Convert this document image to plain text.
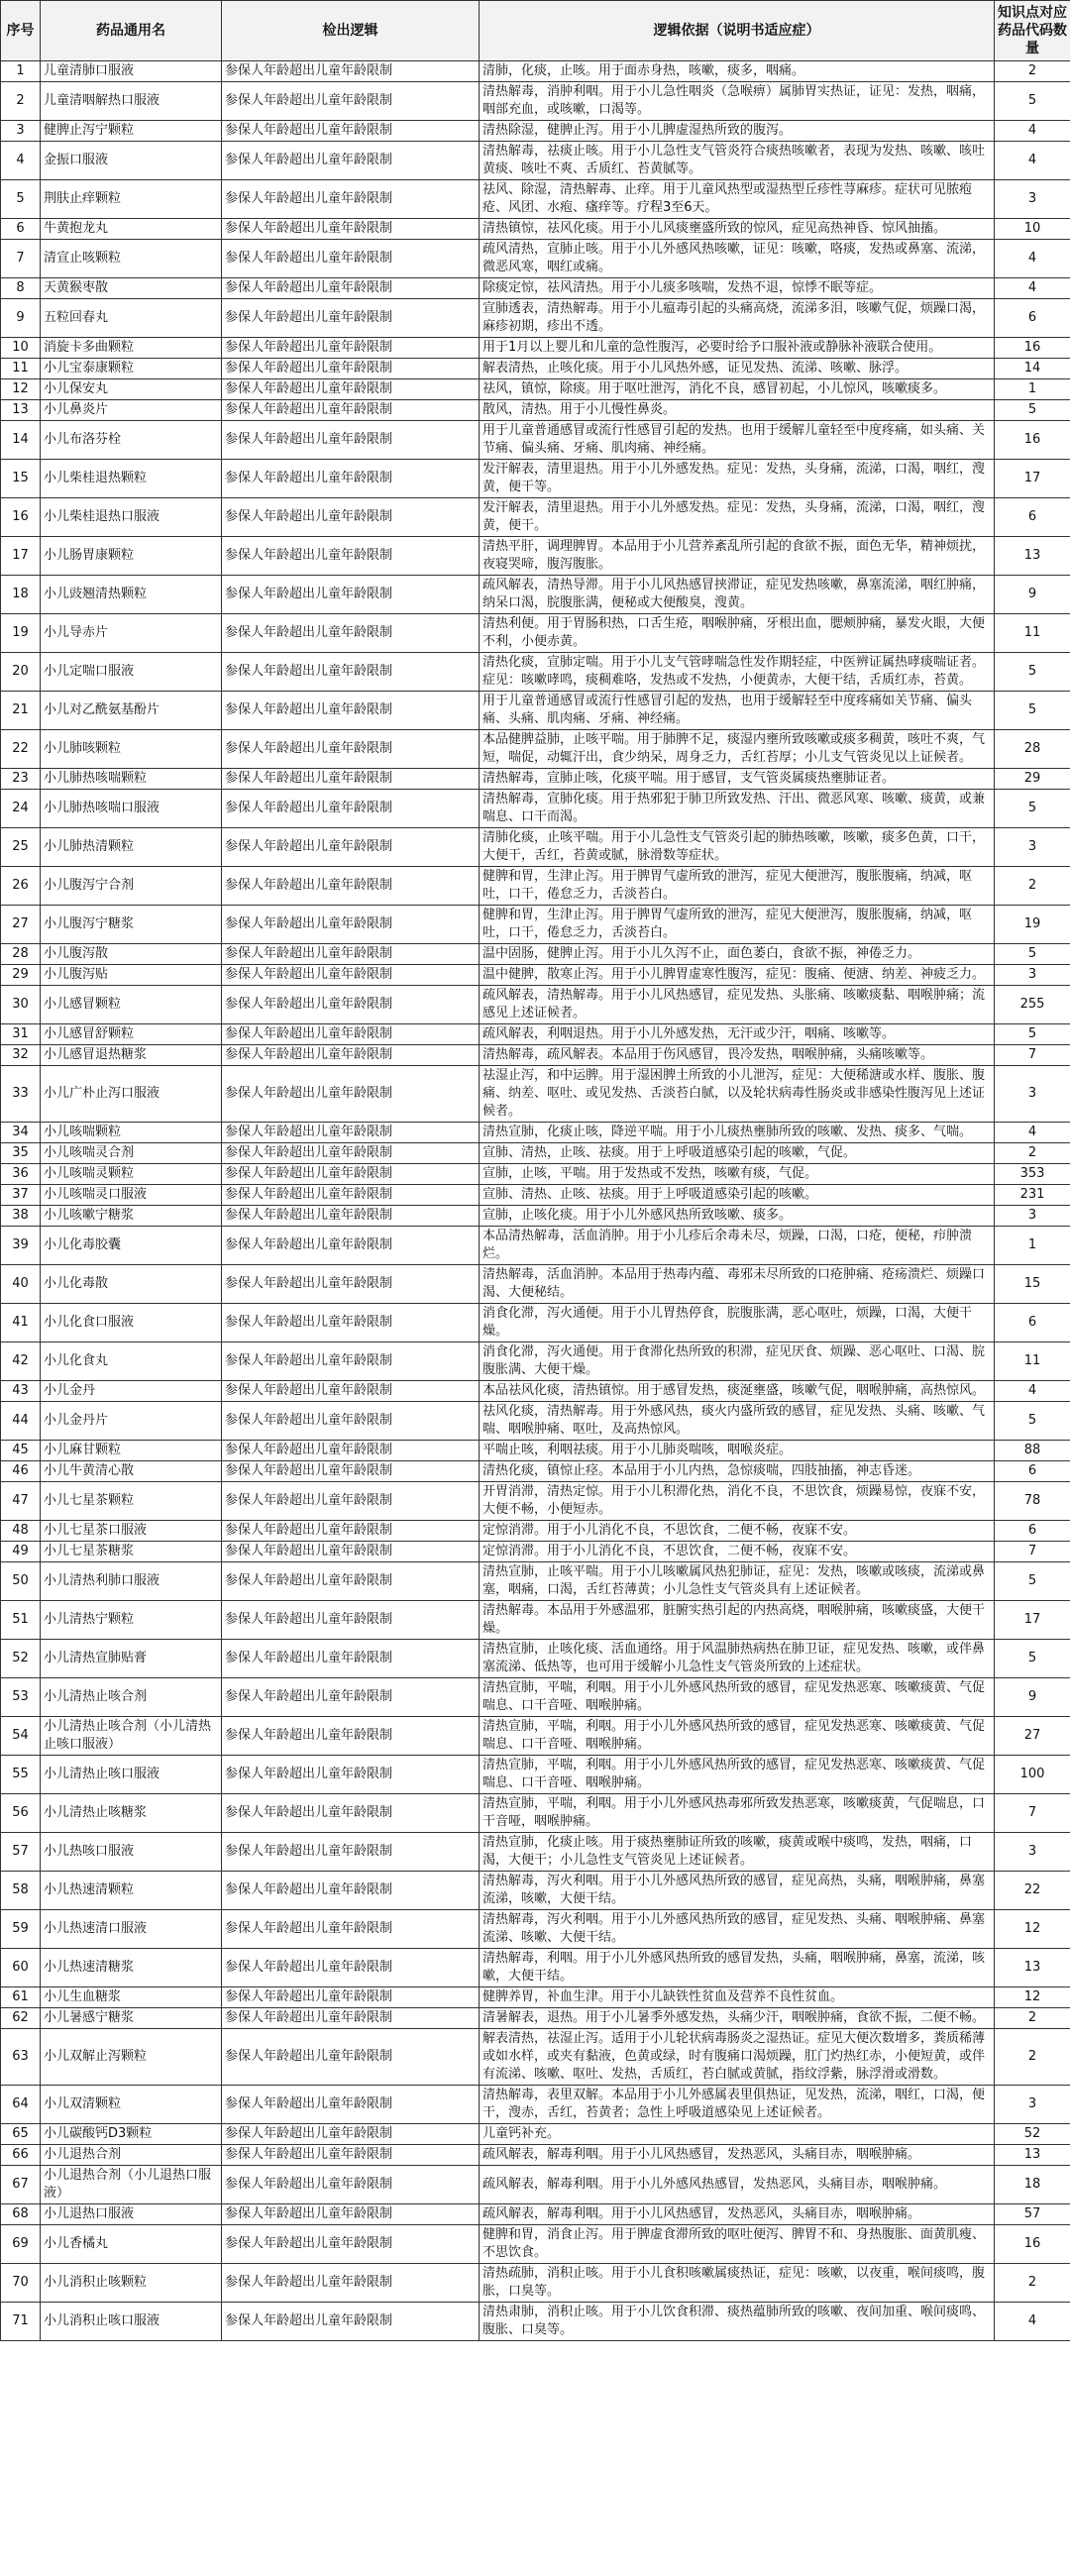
序号	药品通用名	检出逻辑	逻辑依据（说明书适应症）	知识点对应药品代码数量
1	儿童清肺口服液	参保人年龄超出儿童年龄限制	清肺，化痰，止咳。用于面赤身热，咳嗽，痰多，咽痛。	2
2	儿童清咽解热口服液	参保人年龄超出儿童年龄限制	清热解毒，消肿利咽。用于小儿急性咽炎（急喉痹）属肺胃实热证，证见：发热，咽痛，咽部充血，或咳嗽，口渴等。	5
3	健脾止泻宁颗粒	参保人年龄超出儿童年龄限制	清热除湿，健脾止泻。用于小儿脾虚湿热所致的腹泻。	4
4	金振口服液	参保人年龄超出儿童年龄限制	清热解毒，祛痰止咳。用于小儿急性支气管炎符合痰热咳嗽者，表现为发热、咳嗽、咳吐黄痰、咳吐不爽、舌质红、苔黄腻等。	4
5	荆肤止痒颗粒	参保人年龄超出儿童年龄限制	祛风、除湿，清热解毒、止痒。用于儿童风热型或湿热型丘疹性荨麻疹。症状可见脓疱疮、风团、水疱、瘙痒等。疗程3至6天。	3
6	牛黄抱龙丸	参保人年龄超出儿童年龄限制	清热镇惊，祛风化痰。用于小儿风痰壅盛所致的惊风，症见高热神昏、惊风抽搐。	10
7	清宣止咳颗粒	参保人年龄超出儿童年龄限制	疏风清热，宣肺止咳。用于小儿外感风热咳嗽，证见：咳嗽，咯痰，发热或鼻塞、流涕，微恶风寒，咽红或痛。	4
8	天黄猴枣散	参保人年龄超出儿童年龄限制	除痰定惊，祛风清热。用于小儿痰多咳喘，发热不退，惊悸不眠等症。	4
9	五粒回春丸	参保人年龄超出儿童年龄限制	宣肺透表，清热解毒。用于小儿瘟毒引起的头痛高烧，流涕多泪，咳嗽气促，烦躁口渴，麻疹初期，疹出不透。	6
10	消旋卡多曲颗粒	参保人年龄超出儿童年龄限制	用于1月以上婴儿和儿童的急性腹泻，必要时给予口服补液或静脉补液联合使用。	16
11	小儿宝泰康颗粒	参保人年龄超出儿童年龄限制	解表清热，止咳化痰。用于小儿风热外感，证见发热、流涕、咳嗽、脉浮。	14
12	小儿保安丸	参保人年龄超出儿童年龄限制	祛风，镇惊，除痰。用于呕吐泄泻，消化不良，感冒初起，小儿惊风，咳嗽痰多。	1
13	小儿鼻炎片	参保人年龄超出儿童年龄限制	散风，清热。用于小儿慢性鼻炎。	5
14	小儿布洛芬栓	参保人年龄超出儿童年龄限制	用于儿童普通感冒或流行性感冒引起的发热。也用于缓解儿童轻至中度疼痛，如头痛、关节痛、偏头痛、牙痛、肌肉痛、神经痛。	16
15	小儿柴桂退热颗粒	参保人年龄超出儿童年龄限制	发汗解表，清里退热。用于小儿外感发热。症见：发热，头身痛，流涕，口渴，咽红，溲黄，便干等。	17
16	小儿柴桂退热口服液	参保人年龄超出儿童年龄限制	发汗解表，清里退热。用于小儿外感发热。症见：发热，头身痛，流涕，口渴，咽红，溲黄，便干。	6
17	小儿肠胃康颗粒	参保人年龄超出儿童年龄限制	清热平肝，调理脾胃。本品用于小儿营养紊乱所引起的食欲不振，面色无华，精神烦扰，夜寝哭啼，腹泻腹胀。	13
18	小儿豉翘清热颗粒	参保人年龄超出儿童年龄限制	疏风解表，清热导滞。用于小儿风热感冒挟滞证，症见发热咳嗽，鼻塞流涕，咽红肿痛，纳呆口渴，脘腹胀满，便秘或大便酸臭，溲黄。	9
19	小儿导赤片	参保人年龄超出儿童年龄限制	清热利便。用于胃肠积热，口舌生疮，咽喉肿痛，牙根出血，腮颊肿痛，暴发火眼，大便不利，小便赤黄。	11
20	小儿定喘口服液	参保人年龄超出儿童年龄限制	清热化痰，宣肺定喘。用于小儿支气管哮喘急性发作期轻症，中医辨证属热哮痰喘证者。症见：咳嗽哮鸣，痰稠难咯，发热或不发热，小便黄赤，大便干结，舌质红赤，苔黄。	5
21	小儿对乙酰氨基酚片	参保人年龄超出儿童年龄限制	用于儿童普通感冒或流行性感冒引起的发热，也用于缓解轻至中度疼痛如关节痛、偏头痛、头痛、肌肉痛、牙痛、神经痛。	5
22	小儿肺咳颗粒	参保人年龄超出儿童年龄限制	本品健脾益肺，止咳平喘。用于肺脾不足，痰湿内壅所致咳嗽或痰多稠黄，咳吐不爽，气短，喘促，动辄汗出，食少纳呆，周身乏力，舌红苔厚；小儿支气管炎见以上证候者。	28
23	小儿肺热咳喘颗粒	参保人年龄超出儿童年龄限制	清热解毒，宣肺止咳，化痰平喘。用于感冒，支气管炎属痰热壅肺证者。	29
24	小儿肺热咳喘口服液	参保人年龄超出儿童年龄限制	清热解毒，宣肺化痰。用于热邪犯于肺卫所致发热、汗出、微恶风寒、咳嗽、痰黄，或兼喘息、口干而渴。	5
25	小儿肺热清颗粒	参保人年龄超出儿童年龄限制	清肺化痰，止咳平喘。用于小儿急性支气管炎引起的肺热咳嗽，咳嗽，痰多色黄，口干，大便干，舌红，苔黄或腻，脉滑数等症状。	3
26	小儿腹泻宁合剂	参保人年龄超出儿童年龄限制	健脾和胃，生津止泻。用于脾胃气虚所致的泄泻，症见大便泄泻，腹胀腹痛，纳减，呕吐，口干，倦怠乏力，舌淡苔白。	2
27	小儿腹泻宁糖浆	参保人年龄超出儿童年龄限制	健脾和胃，生津止泻。用于脾胃气虚所致的泄泻，症见大便泄泻，腹胀腹痛，纳减，呕吐，口干，倦怠乏力，舌淡苔白。	19
28	小儿腹泻散	参保人年龄超出儿童年龄限制	温中固肠，健脾止泻。用于小儿久泻不止，面色萎白，食欲不振，神倦乏力。	5
29	小儿腹泻贴	参保人年龄超出儿童年龄限制	温中健脾，散寒止泻。用于小儿脾胃虚寒性腹泻，症见：腹痛、便溏、纳差、神疲乏力。	3
30	小儿感冒颗粒	参保人年龄超出儿童年龄限制	疏风解表，清热解毒。用于小儿风热感冒，症见发热、头胀痛、咳嗽痰黏、咽喉肿痛；流感见上述证候者。	255
31	小儿感冒舒颗粒	参保人年龄超出儿童年龄限制	疏风解表，利咽退热。用于小儿外感发热，无汗或少汗，咽痛、咳嗽等。	5
32	小儿感冒退热糖浆	参保人年龄超出儿童年龄限制	清热解毒，疏风解表。本品用于伤风感冒，畏冷发热，咽喉肿痛，头痛咳嗽等。	7
33	小儿广朴止泻口服液	参保人年龄超出儿童年龄限制	祛湿止泻，和中运脾。用于湿困脾土所致的小儿泄泻，症见：大便稀溏或水样、腹胀、腹痛、纳差、呕吐、或见发热、舌淡苔白腻，以及轮状病毒性肠炎或非感染性腹泻见上述证候者。	3
34	小儿咳喘颗粒	参保人年龄超出儿童年龄限制	清热宣肺，化痰止咳，降逆平喘。用于小儿痰热壅肺所致的咳嗽、发热、痰多、气喘。	4
35	小儿咳喘灵合剂	参保人年龄超出儿童年龄限制	宣肺、清热，止咳、祛痰。用于上呼吸道感染引起的咳嗽，气促。	2
36	小儿咳喘灵颗粒	参保人年龄超出儿童年龄限制	宣肺，止咳，平喘。用于发热或不发热，咳嗽有痰，气促。	353
37	小儿咳喘灵口服液	参保人年龄超出儿童年龄限制	宣肺、清热、止咳、祛痰。用于上呼吸道感染引起的咳嗽。	231
38	小儿咳嗽宁糖浆	参保人年龄超出儿童年龄限制	宣肺，止咳化痰。用于小儿外感风热所致咳嗽、痰多。	3
39	小儿化毒胶囊	参保人年龄超出儿童年龄限制	本品清热解毒，活血消肿。用于小儿疹后余毒未尽，烦躁，口渴，口疮，便秘，疖肿溃烂。	1
40	小儿化毒散	参保人年龄超出儿童年龄限制	清热解毒，活血消肿。本品用于热毒内蕴、毒邪未尽所致的口疮肿痛、疮疡溃烂、烦躁口渴、大便秘结。	15
41	小儿化食口服液	参保人年龄超出儿童年龄限制	消食化滞，泻火通便。用于小儿胃热停食，脘腹胀满，恶心呕吐，烦躁，口渴，大便干燥。	6
42	小儿化食丸	参保人年龄超出儿童年龄限制	消食化滞，泻火通便。用于食滞化热所致的积滞，症见厌食、烦躁、恶心呕吐、口渴、脘腹胀满、大便干燥。	11
43	小儿金丹	参保人年龄超出儿童年龄限制	本品祛风化痰，清热镇惊。用于感冒发热，痰涎壅盛，咳嗽气促，咽喉肿痛，高热惊风。	4
44	小儿金丹片	参保人年龄超出儿童年龄限制	祛风化痰，清热解毒。用于外感风热，痰火内盛所致的感冒，症见发热、头痛、咳嗽、气喘、咽喉肿痛、呕吐，及高热惊风。	5
45	小儿麻甘颗粒	参保人年龄超出儿童年龄限制	平喘止咳，利咽祛痰。用于小儿肺炎喘咳，咽喉炎症。	88
46	小儿牛黄清心散	参保人年龄超出儿童年龄限制	清热化痰，镇惊止痉。本品用于小儿内热，急惊痰喘，四肢抽搐，神志昏迷。	6
47	小儿七星茶颗粒	参保人年龄超出儿童年龄限制	开胃消滞，清热定惊。用于小儿积滞化热，消化不良，不思饮食，烦躁易惊，夜寐不安，大便不畅，小便短赤。	78
48	小儿七星茶口服液	参保人年龄超出儿童年龄限制	定惊消滞。用于小儿消化不良，不思饮食，二便不畅，夜寐不安。	6
49	小儿七星茶糖浆	参保人年龄超出儿童年龄限制	定惊消滞。用于小儿消化不良，不思饮食，二便不畅，夜寐不安。	7
50	小儿清热利肺口服液	参保人年龄超出儿童年龄限制	清热宣肺，止咳平喘。用于小儿咳嗽属风热犯肺证，症见：发热，咳嗽或咳痰，流涕或鼻塞，咽痛，口渴，舌红苔薄黄；小儿急性支气管炎具有上述证候者。	5
51	小儿清热宁颗粒	参保人年龄超出儿童年龄限制	清热解毒。本品用于外感温邪，脏腑实热引起的内热高烧，咽喉肿痛，咳嗽痰盛，大便干燥。	17
52	小儿清热宣肺贴膏	参保人年龄超出儿童年龄限制	清热宣肺，止咳化痰、活血通络。用于风温肺热病热在肺卫证，症见发热、咳嗽，或伴鼻塞流涕、低热等，也可用于缓解小儿急性支气管炎所致的上述症状。	5
53	小儿清热止咳合剂	参保人年龄超出儿童年龄限制	清热宣肺，平喘，利咽。用于小儿外感风热所致的感冒，症见发热恶寒、咳嗽痰黄、气促喘息、口干音哑、咽喉肿痛。	9
54	小儿清热止咳合剂（小儿清热止咳口服液）	参保人年龄超出儿童年龄限制	清热宣肺，平喘，利咽。用于小儿外感风热所致的感冒，症见发热恶寒、咳嗽痰黄、气促喘息、口干音哑、咽喉肿痛。	27
55	小儿清热止咳口服液	参保人年龄超出儿童年龄限制	清热宣肺，平喘，利咽。用于小儿外感风热所致的感冒，症见发热恶寒、咳嗽痰黄、气促喘息、口干音哑、咽喉肿痛。	100
56	小儿清热止咳糖浆	参保人年龄超出儿童年龄限制	清热宣肺，平喘，利咽。用于小儿外感风热毒邪所致发热恶寒，咳嗽痰黄，气促喘息，口干音哑，咽喉肿痛。	7
57	小儿热咳口服液	参保人年龄超出儿童年龄限制	清热宣肺，化痰止咳。用于痰热壅肺证所致的咳嗽，痰黄或喉中痰鸣，发热，咽痛，口渴，大便干；小儿急性支气管炎见上述证候者。	3
58	小儿热速清颗粒	参保人年龄超出儿童年龄限制	清热解毒，泻火利咽。用于小儿外感风热所致的感冒，症见高热，头痛，咽喉肿痛，鼻塞流涕，咳嗽，大便干结。	22
59	小儿热速清口服液	参保人年龄超出儿童年龄限制	清热解毒，泻火利咽。用于小儿外感风热所致的感冒，症见发热、头痛、咽喉肿痛、鼻塞流涕、咳嗽、大便干结。	12
60	小儿热速清糖浆	参保人年龄超出儿童年龄限制	清热解毒，利咽。用于小儿外感风热所致的感冒发热，头痛，咽喉肿痛，鼻塞，流涕，咳嗽，大便干结。	13
61	小儿生血糖浆	参保人年龄超出儿童年龄限制	健脾养胃，补血生津。用于小儿缺铁性贫血及营养不良性贫血。	12
62	小儿暑感宁糖浆	参保人年龄超出儿童年龄限制	清暑解表，退热。用于小儿暑季外感发热，头痛少汗，咽喉肿痛，食欲不振，二便不畅。	2
63	小儿双解止泻颗粒	参保人年龄超出儿童年龄限制	解表清热，祛湿止泻。适用于小儿轮状病毒肠炎之湿热证。症见大便次数增多，粪质稀薄或如水样，或夹有黏液，色黄或绿，时有腹痛口渴烦躁，肛门灼热红赤，小便短黄，或伴有流涕、咳嗽、呕吐、发热，舌质红，苔白腻或黄腻，指纹浮紫，脉浮滑或滑数。	2
64	小儿双清颗粒	参保人年龄超出儿童年龄限制	清热解毒，表里双解。本品用于小儿外感属表里俱热证，见发热，流涕，咽红，口渴，便干，溲赤，舌红，苔黄者；急性上呼吸道感染见上述证候者。	3
65	小儿碳酸钙D3颗粒	参保人年龄超出儿童年龄限制	儿童钙补充。	52
66	小儿退热合剂	参保人年龄超出儿童年龄限制	疏风解表，解毒利咽。用于小儿风热感冒，发热恶风，头痛目赤，咽喉肿痛。	13
67	小儿退热合剂（小儿退热口服液）	参保人年龄超出儿童年龄限制	疏风解表，解毒利咽。用于小儿外感风热感冒，发热恶风，头痛目赤，咽喉肿痛。	18
68	小儿退热口服液	参保人年龄超出儿童年龄限制	疏风解表，解毒利咽。用于小儿风热感冒，发热恶风，头痛目赤，咽喉肿痛。	57
69	小儿香橘丸	参保人年龄超出儿童年龄限制	健脾和胃，消食止泻。用于脾虚食滞所致的呕吐便泻、脾胃不和、身热腹胀、面黄肌瘦、不思饮食。	16
70	小儿消积止咳颗粒	参保人年龄超出儿童年龄限制	清热疏肺，消积止咳。用于小儿食积咳嗽属痰热证，症见：咳嗽，以夜重，喉间痰鸣，腹胀，口臭等。	2
71	小儿消积止咳口服液	参保人年龄超出儿童年龄限制	清热肃肺，消积止咳。用于小儿饮食积滞、痰热蕴肺所致的咳嗽、夜间加重、喉间痰鸣、腹胀、口臭等。	4
